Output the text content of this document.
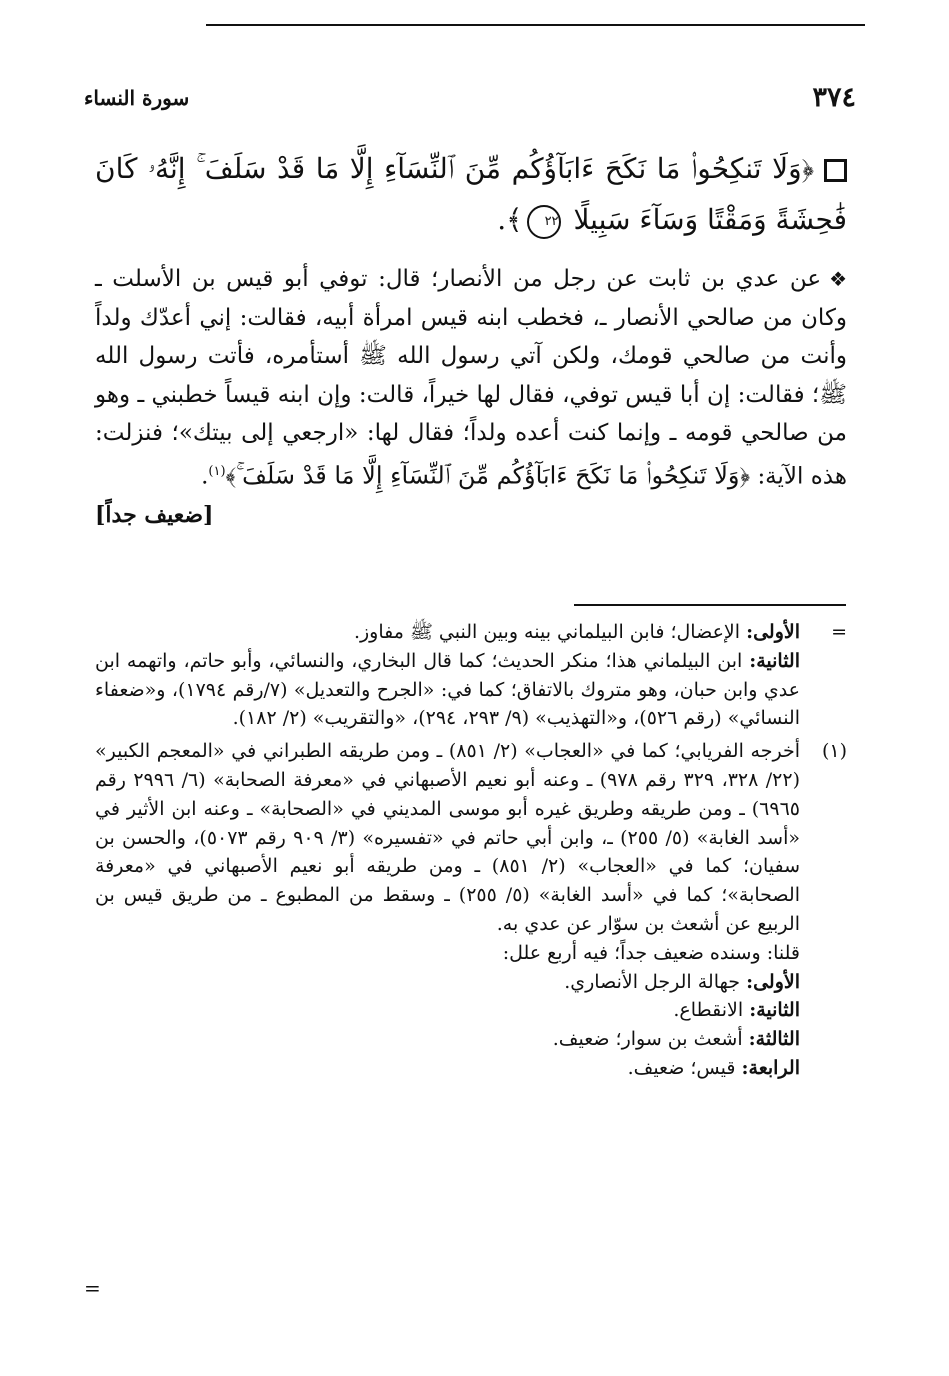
٣٧٤
سورة النساء
﴿وَلَا تَنكِحُوا۟ مَا نَكَحَ ءَابَآؤُكُم مِّنَ ٱلنِّسَآءِ إِلَّا مَا قَدْ سَلَفَ ۚ إِنَّهُۥ كَانَ فَٰحِشَةً وَمَقْتًا وَسَآءَ سَبِيلًا ٢٢﴾.
❖عن عدي بن ثابت عن رجل من الأنصار؛ قال: توفي أبو قيس بن الأسلت ـ وكان من صالحي الأنصار ـ، فخطب ابنه قيس امرأة أبيه، فقالت: إني أعدّك ولداً وأنت من صالحي قومك، ولكن آتي رسول الله ﷺ أستأمره، فأتت رسول الله ﷺ؛ فقالت: إن أبا قيس توفي، فقال لها خيراً، قالت: وإن ابنه قيساً خطبني ـ وهو من صالحي قومه ـ وإنما كنت أعده ولداً؛ فقال لها: «ارجعي إلى بيتك»؛ فنزلت: هذه الآية: ﴿وَلَا تَنكِحُوا۟ مَا نَكَحَ ءَابَآؤُكُم مِّنَ ٱلنِّسَآءِ إِلَّا مَا قَدْ سَلَفَ ۚ﴾$^{(١)}$.
[ضعيف جداً]
=
الأولى: الإعضال؛ فابن البيلماني بينه وبين النبي ﷺ مفاوز.
الثانية: ابن البيلماني هذا؛ منكر الحديث؛ كما قال البخاري، والنسائي، وأبو حاتم، واتهمه ابن عدي وابن حبان، وهو متروك بالاتفاق؛ كما في: «الجرح والتعديل» (٧/رقم ١٧٩٤)، و«ضعفاء النسائي» (رقم ٥٢٦)، و«التهذيب» (٩/ ٢٩٣، ٢٩٤)، «والتقريب» (٢/ ١٨٢).
(١)
أخرجه الفريابي؛ كما في «العجاب» (٢/ ٨٥١) ـ ومن طريقه الطبراني في «المعجم الكبير» (٢٢/ ٣٢٨، ٣٢٩ رقم ٩٧٨) ـ وعنه أبو نعيم الأصبهاني في «معرفة الصحابة» (٦/ ٢٩٩٦ رقم ٦٩٦٥) ـ ومن طريقه وطريق غيره أبو موسى المديني في «الصحابة» ـ وعنه ابن الأثير في «أسد الغابة» (٥/ ٢٥٥) ـ، وابن أبي حاتم في «تفسيره» (٣/ ٩٠٩ رقم ٥٠٧٣)، والحسن بن سفيان؛ كما في «العجاب» (٢/ ٨٥١) ـ ومن طريقه أبو نعيم الأصبهاني في «معرفة الصحابة»؛ كما في «أسد الغابة» (٥/ ٢٥٥) ـ وسقط من المطبوع ـ من طريق قيس بن الربيع عن أشعث بن سوّار عن عدي به.
قلنا: وسنده ضعيف جداً؛ فيه أربع علل:
الأولى: جهالة الرجل الأنصاري.
الثانية: الانقطاع.
الثالثة: أشعث بن سوار؛ ضعيف.
الرابعة: قيس؛ ضعيف.
=
